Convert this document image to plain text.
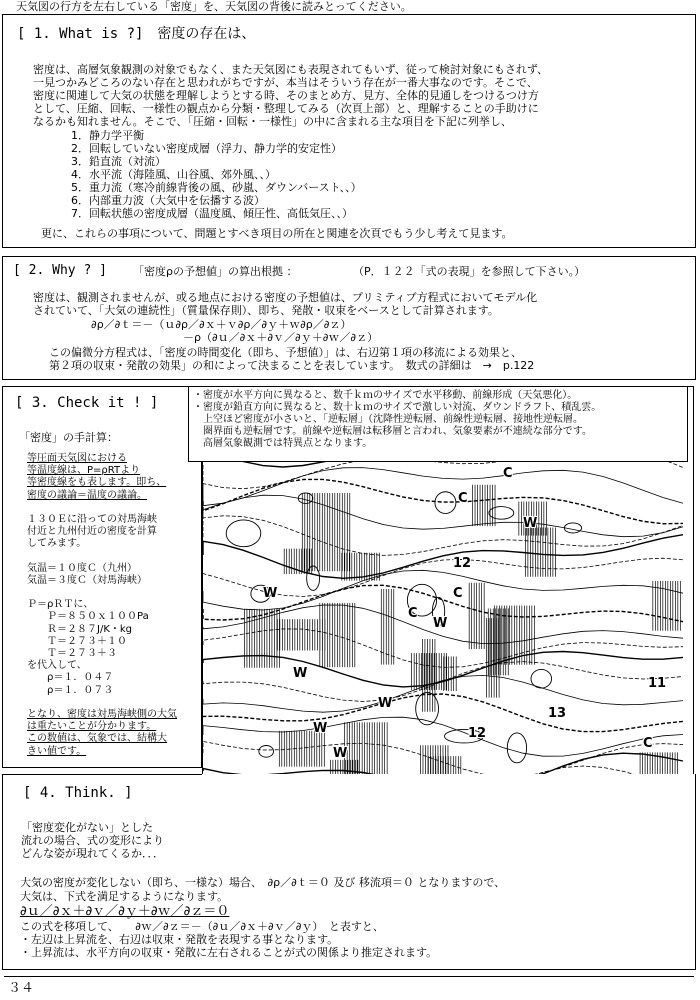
天気図の行方を左右している「密度」を、天気図の背後に読みとってください。
[ 1. What is ?]　密度の存在は、
密度は、高層気象観測の対象でもなく、また天気図にも表現されてもいず、従って検討対象にもされず、
一見つかみどころのない存在と思われがちですが、本当はそういう存在が一番大事なのです。そこで、
密度に関連して大気の状態を理解しようとする時、そのまとめ方、見方、全体的見通しをつけるつけ方
として、圧縮、回転、一様性の観点から分類・整理してみる（次頁上部）と、理解することの手助けに
なるかも知れません。そこで、「圧縮・回転・一様性」の中に含まれる主な項目を下記に列挙し、
1．静力学平衡
2．回転していない密度成層（浮力、静力学的安定性）
3．鉛直流（対流）
4．水平流（海陸風、山谷風、郊外風、、）
5．重力流（寒冷前線背後の風、砂嵐、ダウンバースト、、）
6．内部重力波（大気中を伝播する波）
7．回転状態の密度成層（温度風、傾圧性、高低気圧、、）
更に、これらの事項について、問題とすべき項目の所在と関連を次頁でもう少し考えて見ます。
[ 2. Why ? ] 「密度ρの予想値」の算出根拠 ：	（P．１２２「式の表現」を参照して下さい。）
密度は、観測されませんが、或る地点における密度の予想値は、プリミティブ方程式においてモデル化
されていて、「大気の連続性」（質量保存則）、即ち、発散・収束をベースとして計算されます。
∂ρ／∂ｔ＝－（ｕ∂ρ／∂ｘ＋ｖ∂ρ／∂ｙ＋ｗ∂ρ／∂ｚ）
－ρ（∂ｕ／∂ｘ＋∂ｖ／∂ｙ＋∂ｗ／∂ｚ）
この偏微分方程式は、「密度の時間変化（即ち、予想値）」は、右辺第１項の移流による効果と、
第２項の収束・発散の効果」の和によって決まることを表しています。　数式の詳細は　→　p.122
[ 3. Check it ! ]
「密度」の手計算：
等圧面天気図における
等温度線は、P=ρRTより
等密度線をも表します。即ち、
密度の議論＝温度の議論。
１３０Ｅに沿っての対馬海峡
付近と九州付近の密度を計算
してみます。
気温＝１０度Ｃ（九州）
気温＝３度Ｃ（対馬海峡）
Ｐ＝ρＲＴに、
　　Ｐ＝８５０ｘ１００Pa
　　Ｒ＝２８７J/K・kg
　　Ｔ＝２７３＋１０
　　Ｔ＝２７３＋３
を代入して、
　　ρ＝１．０４７
　　ρ＝１．０７３
となり、密度は対馬海峡側の大気
は重たいことが分かります。
この数値は、気象では、結構大
きい値です。
W
W
W
C
C
W
C
W
W
C
12
11
13
12
W
C
・密度が水平方向に異なると、数千ｋｍのサイズで水平移動、前線形成（天気悪化）。
・密度が鉛直方向に異なると、数十ｋｍのサイズで激しい対流、ダウンドラフト、積乱雲。
　上空ほど密度が小さいと、「逆転層」（沈降性逆転層、前線性逆転層、接地性逆転層。
　圏界面も逆転層です。前線や逆転層は転移層と言われ、気象要素が不連続な部分です。
　高層気象観測では特異点となります。
[ 4. Think. ]
「密度変化がない」とした
流れの場合、式の変形により
どんな姿が現れてくるか．．．
大気の密度が変化しない（即ち、一様な）場合、　∂ρ／∂ｔ＝０ 及び 移流項＝０ となりますので、
大気は、下式を満足するようになります。
∂ｕ／∂ｘ＋∂ｖ／∂ｙ＋∂ｗ／∂ｚ＝０
この式を移項して、　　∂ｗ／∂ｚ＝－（∂ｕ／∂ｘ＋∂ｖ／∂ｙ）　と表すと、
・左辺は上昇流を、右辺は収束・発散を表現する事となります。
・上昇流は、水平方向の収束・発散に左右されることが式の関係より推定されます。
３４
